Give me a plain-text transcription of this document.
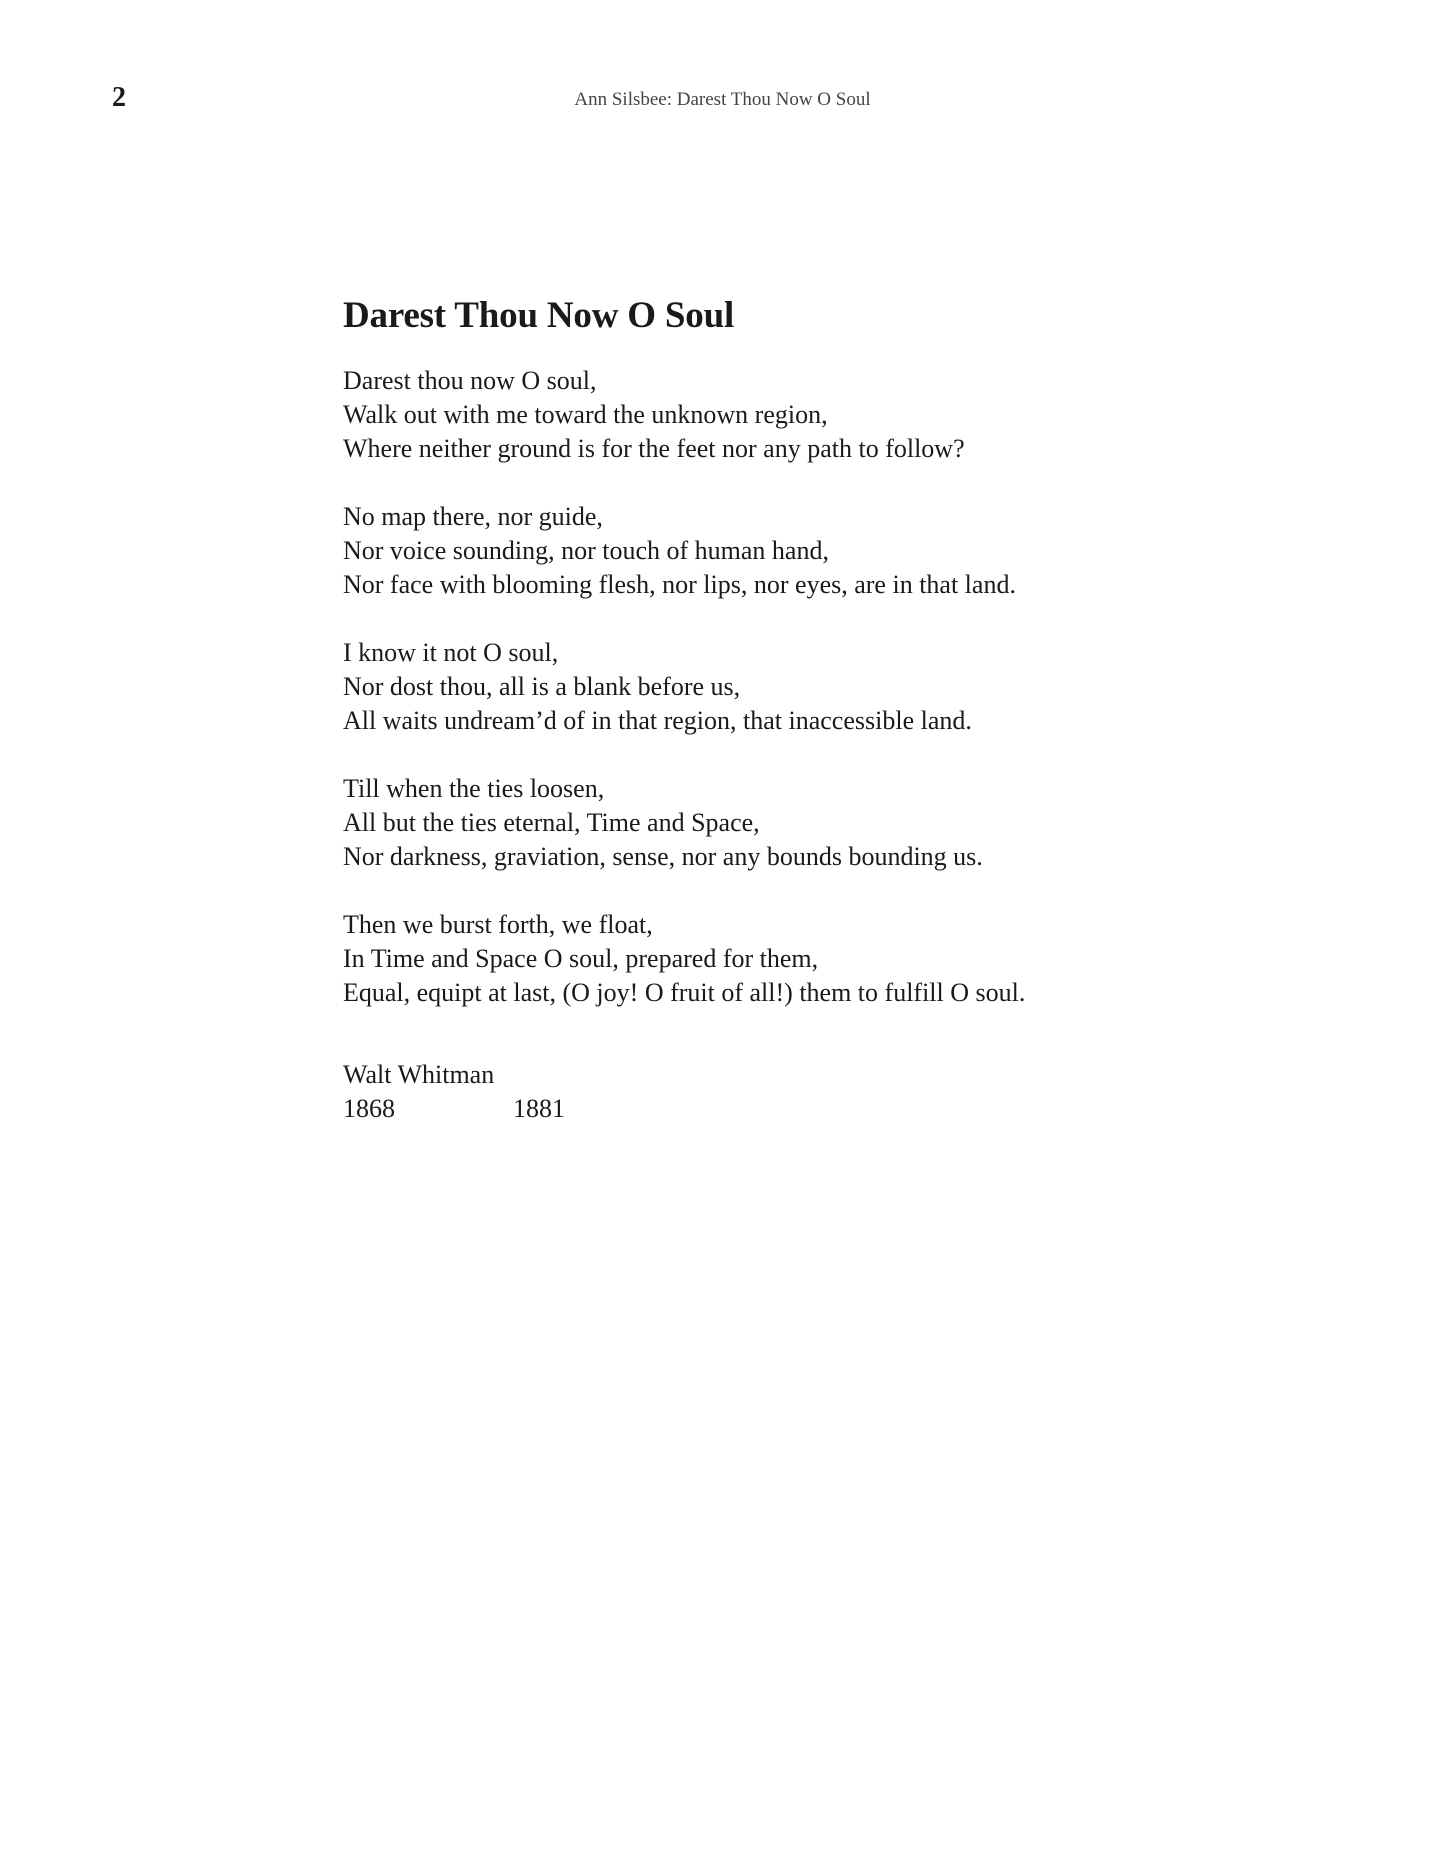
2	Ann Silsbee: Darest Thou Now O Soul
Darest Thou Now O Soul
Darest thou now O soul,
Walk out with me toward the unknown region,
Where neither ground is for the feet nor any path to follow?
No map there, nor guide,
Nor voice sounding, nor touch of human hand,
Nor face with blooming flesh, nor lips, nor eyes, are in that land.
I know it not O soul,
Nor dost thou, all is a blank before us,
All waits undream’d of in that region, that inaccessible land.
Till when the ties loosen,
All but the ties eternal, Time and Space,
Nor darkness, graviation, sense, nor any bounds bounding us.
Then we burst forth, we float,
In Time and Space O soul, prepared for them,
Equal, equipt at last, (O joy! O fruit of all!) them to fulfill O soul.
Walt Whitman
1868	1881
